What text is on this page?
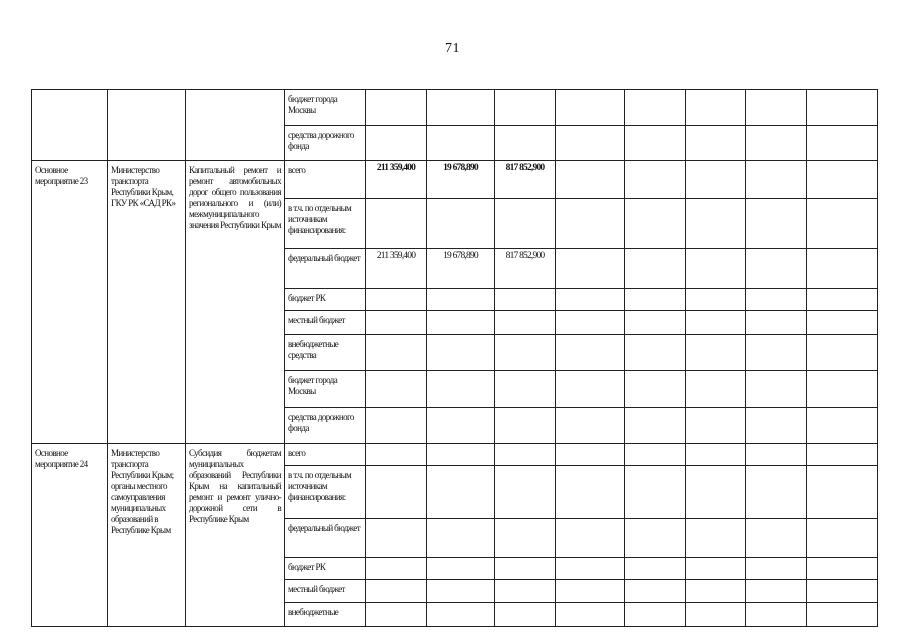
71
			бюджет города Москвы									
			средства дорожного фонда									
Основное мероприятие 23	Министерство транспорта Республики Крым, ГКУ РК «САД РК»	Капитальный ремонт и ремонт автомобильных дорог общего пользования регионального и (или) межмуниципального значения Республики Крым	всего	211 359,400	19 678,890	817 852,900						
			в т.ч. по отдельным источникам финансирования:									
			федеральный бюджет	211 359,400	19 678,890	817 852,900						
			бюджет РК									
			местный бюджет									
			внебюджетные средства									
			бюджет города Москвы									
			средства дорожного фонда									
Основное мероприятие 24	Министерство транспорта Республики Крым; органы местного самоуправления муниципальных образований в Республике Крым	Субсидия бюджетам муниципальных образований Республики Крым на капитальный ремонт и ремонт улично-дорожной сети в Республике Крым	всего									
			в т.ч. по отдельным источникам финансирования:									
			федеральный бюджет									
			бюджет РК									
			местный бюджет									
			внебюджетные									
